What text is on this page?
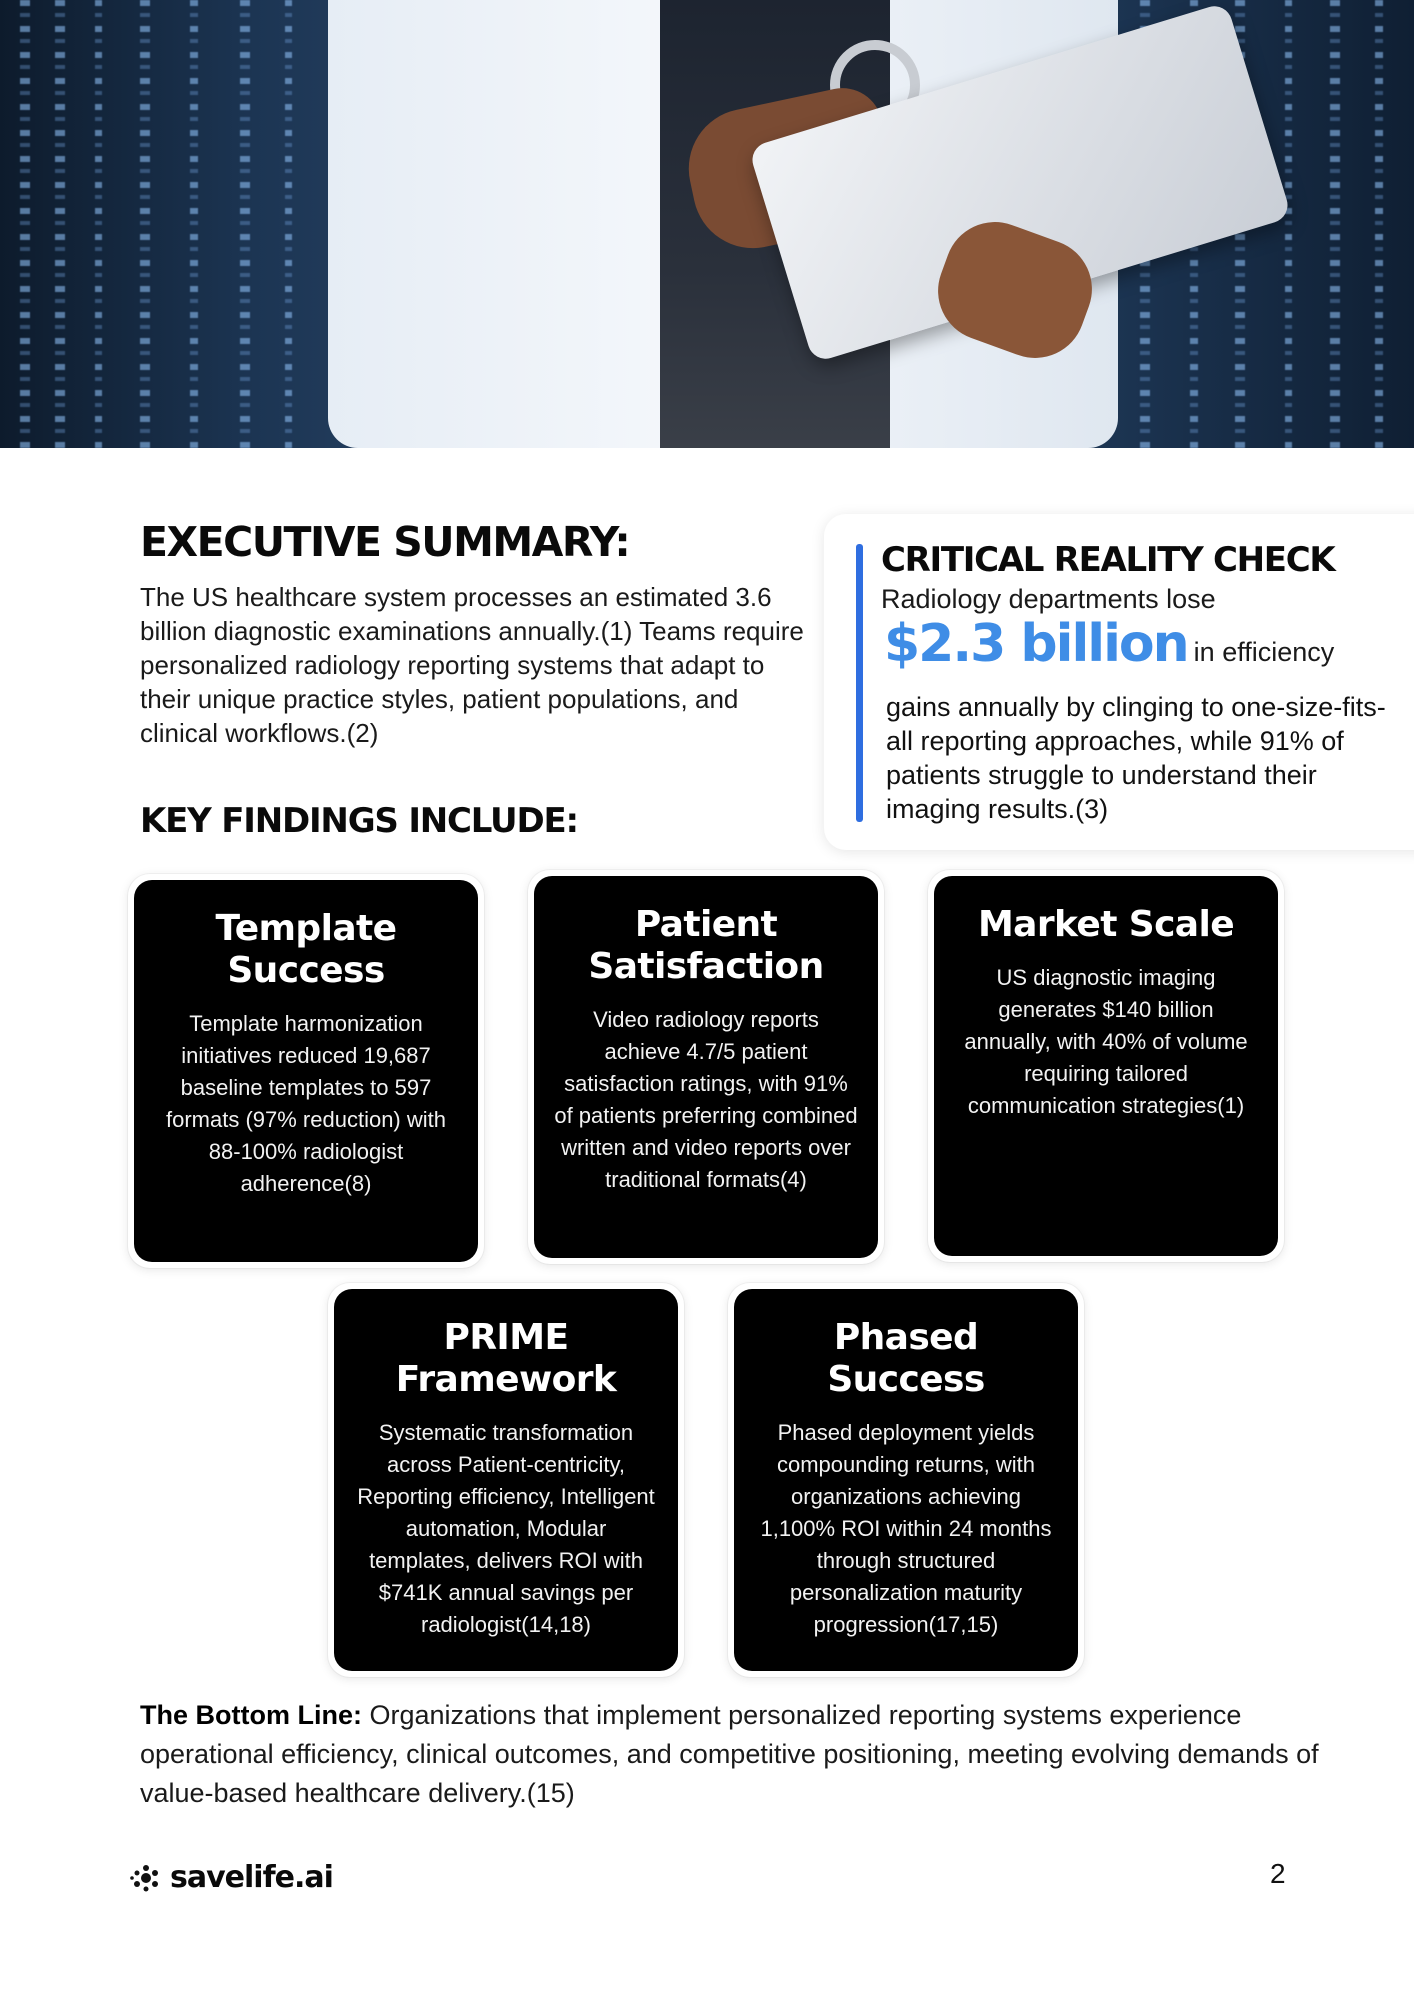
EXECUTIVE SUMMARY:

The US healthcare system processes an estimated 3.6 billion diagnostic examinations annually.(1) Teams require personalized radiology reporting systems that adapt to their unique practice styles, patient populations, and clinical workflows.(2)

CRITICAL REALITY CHECK
Radiology departments lose
$2.3 billion in efficiency
gains annually by clinging to one-size-fits-all reporting approaches, while 91% of patients struggle to understand their imaging results.(3)
KEY FINDINGS INCLUDE:
Template Success

Template harmonization initiatives reduced 19,687 baseline templates to 597 formats (97% reduction) with 88-100% radiologist adherence(8)

Patient Satisfaction

Video radiology reports achieve 4.7/5 patient satisfaction ratings, with 91% of patients preferring combined written and video reports over traditional formats(4)

Market Scale

US diagnostic imaging generates $140 billion annually, with 40% of volume requiring tailored communication strategies(1)

PRIME Framework

Systematic transformation across Patient-centricity, Reporting efficiency, Intelligent automation, Modular templates, delivers ROI with $741K annual savings per radiologist(14,18)

Phased Success

Phased deployment yields compounding returns, with organizations achieving 1,100% ROI within 24 months through structured personalization maturity progression(17,15)

The Bottom Line: Organizations that implement personalized reporting systems experience operational efficiency, clinical outcomes, and competitive positioning, meeting evolving demands of value-based healthcare delivery.(15)

savelife.ai	2
